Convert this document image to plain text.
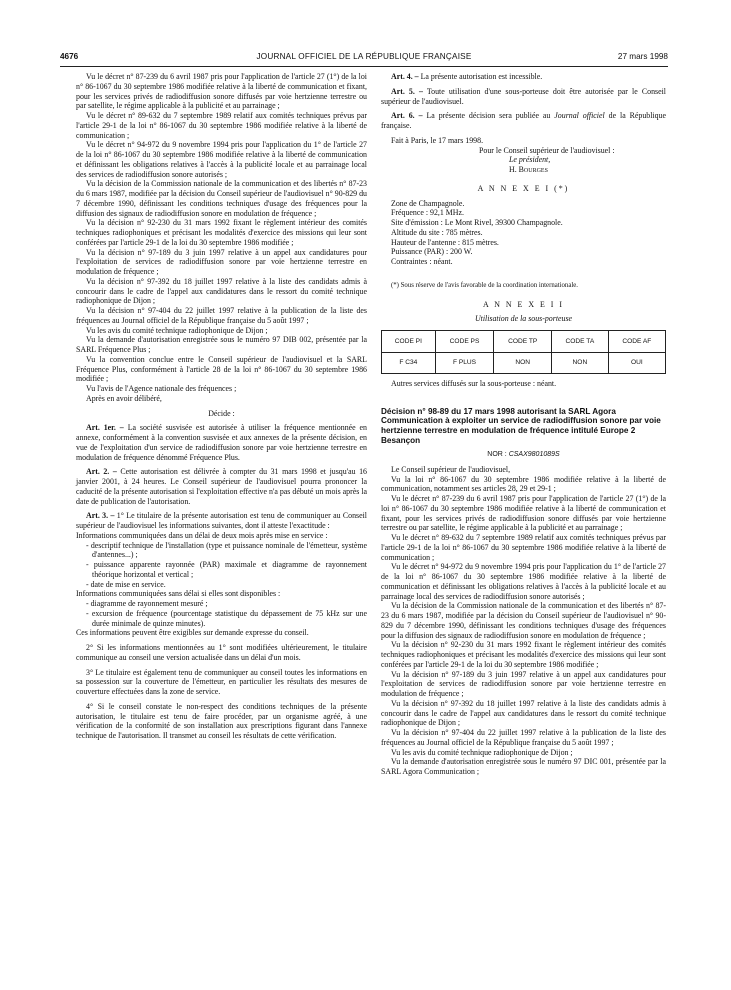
4676	JOURNAL OFFICIEL DE LA RÉPUBLIQUE FRANÇAISE	27 mars 1998

Vu le décret n° 87-239 du 6 avril 1987 pris pour l'application de l'article 27 (1°) de la loi n° 86-1067 du 30 septembre 1986 modifiée relative à la liberté de communication et fixant, pour les services privés de radiodiffusion sonore diffusés par voie hertzienne terrestre ou par satellite, le régime applicable à la publicité et au parrainage ;

Vu le décret n° 89-632 du 7 septembre 1989 relatif aux comités techniques prévus par l'article 29-1 de la loi n° 86-1067 du 30 septembre 1986 modifiée relative à la liberté de communication ;

Vu le décret n° 94-972 du 9 novembre 1994 pris pour l'application du 1° de l'article 27 de la loi n° 86-1067 du 30 septembre 1986 modifiée relative à la liberté de communication et définissant les obligations relatives à l'accès à la publicité locale et au parrainage local des services de radiodiffusion sonore autorisés ;

Vu la décision de la Commission nationale de la communication et des libertés n° 87-23 du 6 mars 1987, modifiée par la décision du Conseil supérieur de l'audiovisuel n° 90-829 du 7 décembre 1990, définissant les conditions techniques d'usage des fréquences pour la diffusion des signaux de radiodiffusion sonore en modulation de fréquence ;

Vu la décision n° 92-230 du 31 mars 1992 fixant le règlement intérieur des comités techniques radiophoniques et précisant les modalités d'exercice des missions qui leur sont conférées par l'article 29-1 de la loi du 30 septembre 1986 modifiée ;

Vu la décision n° 97-189 du 3 juin 1997 relative à un appel aux candidatures pour l'exploitation de services de radiodiffusion sonore par voie hertzienne terrestre en modulation de fréquence ;

Vu la décision n° 97-392 du 18 juillet 1997 relative à la liste des candidats admis à concourir dans le cadre de l'appel aux candidatures dans le ressort du comité technique radiophonique de Dijon ;

Vu la décision n° 97-404 du 22 juillet 1997 relative à la publication de la liste des fréquences au Journal officiel de la République française du 5 août 1997 ;

Vu les avis du comité technique radiophonique de Dijon ;

Vu la demande d'autorisation enregistrée sous le numéro 97 DIB 002, présentée par la SARL Fréquence Plus ;

Vu la convention conclue entre le Conseil supérieur de l'audiovisuel et la SARL Fréquence Plus, conformément à l'article 28 de la loi n° 86-1067 du 30 septembre 1986 modifiée ;

Vu l'avis de l'Agence nationale des fréquences ;

Après en avoir délibéré,

Décide :

Art. 1er. – La société susvisée est autorisée à utiliser la fréquence mentionnée en annexe, conformément à la convention susvisée et aux annexes de la présente décision, en vue de l'exploitation d'un service de radiodiffusion sonore par voie hertzienne terrestre en modulation de fréquence dénommé Fréquence Plus.

Art. 2. – Cette autorisation est délivrée à compter du 31 mars 1998 et jusqu'au 16 janvier 2001, à 24 heures. Le Conseil supérieur de l'audiovisuel pourra prononcer la caducité de la présente autorisation si l'exploitation effective n'a pas débuté un mois après la date de publication de l'autorisation.

Art. 3. – 1° Le titulaire de la présente autorisation est tenu de communiquer au Conseil supérieur de l'audiovisuel les informations suivantes, dont il atteste l'exactitude :

Informations communiquées dans un délai de deux mois après mise en service :

- descriptif technique de l'installation (type et puissance nominale de l'émetteur, système d'antennes...) ;

- puissance apparente rayonnée (PAR) maximale et diagramme de rayonnement théorique horizontal et vertical ;

- date de mise en service.

Informations communiquées sans délai si elles sont disponibles :

- diagramme de rayonnement mesuré ;

- excursion de fréquence (pourcentage statistique du dépassement de 75 kHz sur une durée minimale de quinze minutes).

Ces informations peuvent être exigibles sur demande expresse du conseil.

2° Si les informations mentionnées au 1° sont modifiées ultérieurement, le titulaire communique au conseil une version actualisée dans un délai d'un mois.

3° Le titulaire est également tenu de communiquer au conseil toutes les informations en sa possession sur la couverture de l'émetteur, en particulier les résultats des mesures de couverture effectuées dans la zone de service.

4° Si le conseil constate le non-respect des conditions techniques de la présente autorisation, le titulaire est tenu de faire procéder, par un organisme agréé, à une vérification de la conformité de son installation aux prescriptions figurant dans l'annexe technique de l'autorisation. Il transmet au conseil les résultats de cette vérification.

Art. 4. – La présente autorisation est incessible.

Art. 5. – Toute utilisation d'une sous-porteuse doit être autorisée par le Conseil supérieur de l'audiovisuel.

Art. 6. – La présente décision sera publiée au Journal officiel de la République française.

Fait à Paris, le 17 mars 1998.

Pour le Conseil supérieur de l'audiovisuel :

Le président,

H. Bourges

A N N E X E I (*)

Zone de Champagnole.

Fréquence : 92,1 MHz.

Site d'émission : Le Mont Rivel, 39300 Champagnole.

Altitude du site : 785 mètres.

Hauteur de l'antenne : 815 mètres.

Puissance (PAR) : 200 W.

Contraintes : néant.

(*) Sous réserve de l'avis favorable de la coordination internationale.

A N N E X E I I

Utilisation de la sous-porteuse

CODE PI	CODE PS	CODE TP	CODE TA	CODE AF
F C34	F PLUS	NON	NON	OUI

Autres services diffusés sur la sous-porteuse : néant.

Décision n° 98-89 du 17 mars 1998 autorisant la SARL Agora Communication à exploiter un service de radiodiffusion sonore par voie hertzienne terrestre en modulation de fréquence intitulé Europe 2 Besançon

NOR : CSAX9801089S

Le Conseil supérieur de l'audiovisuel,

Vu la loi n° 86-1067 du 30 septembre 1986 modifiée relative à la liberté de communication, notamment ses articles 28, 29 et 29-1 ;

Vu le décret n° 87-239 du 6 avril 1987 pris pour l'application de l'article 27 (1°) de la loi n° 86-1067 du 30 septembre 1986 modifiée relative à la liberté de communication et fixant, pour les services privés de radiodiffusion sonore diffusés par voie hertzienne terrestre ou par satellite, le régime applicable à la publicité et au parrainage ;

Vu le décret n° 89-632 du 7 septembre 1989 relatif aux comités techniques prévus par l'article 29-1 de la loi n° 86-1067 du 30 septembre 1986 modifiée relative à la liberté de communication ;

Vu le décret n° 94-972 du 9 novembre 1994 pris pour l'application du 1° de l'article 27 de la loi n° 86-1067 du 30 septembre 1986 modifiée relative à la liberté de communication et définissant les obligations relatives à l'accès à la publicité locale et au parrainage local des services de radiodiffusion sonore autorisés ;

Vu la décision de la Commission nationale de la communication et des libertés n° 87-23 du 6 mars 1987, modifiée par la décision du Conseil supérieur de l'audiovisuel n° 90-829 du 7 décembre 1990, définissant les conditions techniques d'usage des fréquences pour la diffusion des signaux de radiodiffusion sonore en modulation de fréquence ;

Vu la décision n° 92-230 du 31 mars 1992 fixant le règlement intérieur des comités techniques radiophoniques et précisant les modalités d'exercice des missions qui leur sont conférées par l'article 29-1 de la loi du 30 septembre 1986 modifiée ;

Vu la décision n° 97-189 du 3 juin 1997 relative à un appel aux candidatures pour l'exploitation de services de radiodiffusion sonore par voie hertzienne terrestre en modulation de fréquence ;

Vu la décision n° 97-392 du 18 juillet 1997 relative à la liste des candidats admis à concourir dans le cadre de l'appel aux candidatures dans le ressort du comité technique radiophonique de Dijon ;

Vu la décision n° 97-404 du 22 juillet 1997 relative à la publication de la liste des fréquences au Journal officiel de la République française du 5 août 1997 ;

Vu les avis du comité technique radiophonique de Dijon ;

Vu la demande d'autorisation enregistrée sous le numéro 97 DIC 001, présentée par la SARL Agora Communication ;
